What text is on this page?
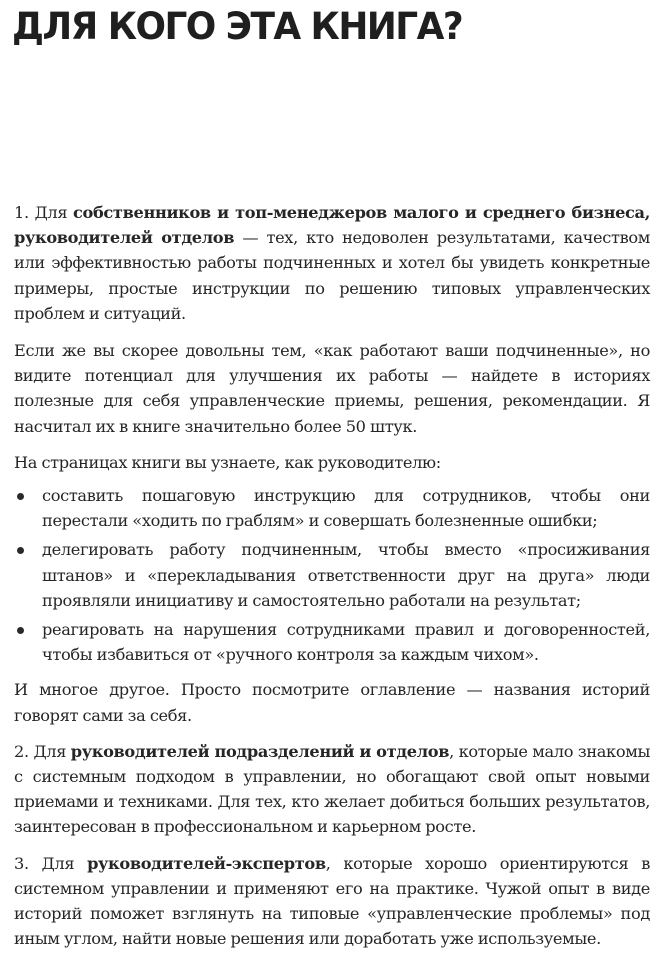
ДЛЯ КОГО ЭТА КНИГА?

1. Для собственников и топ-менеджеров малого и среднего бизнеса, руководителей отделов — тех, кто недоволен результатами, качеством или эффективностью работы подчиненных и хотел бы увидеть конкретные примеры, простые инструкции по решению типовых управленческих проблем и ситуаций.

Если же вы скорее довольны тем, «как работают ваши подчиненные», но видите потенциал для улучшения их работы — найдете в историях полезные для себя управленческие приемы, решения, рекомендации. Я насчитал их в книге значительно более 50 штук.

На страницах книги вы узнаете, как руководителю:

составить пошаговую инструкцию для сотрудников, чтобы они перестали «ходить по граблям» и совершать болезненные ошибки;
делегировать работу подчиненным, чтобы вместо «просиживания штанов» и «перекладывания ответственности друг на друга» люди проявляли инициативу и самостоятельно работали на результат;
реагировать на нарушения сотрудниками правил и договоренностей, чтобы избавиться от «ручного контроля за каждым чихом».

И многое другое. Просто посмотрите оглавление — названия историй говорят сами за себя.

2. Для руководителей подразделений и отделов, которые мало знакомы с системным подходом в управлении, но обогащают свой опыт новыми приемами и техниками. Для тех, кто желает добиться больших результатов, заинтересован в профессиональном и карьерном росте.

3. Для руководителей-экспертов, которые хорошо ориентируются в системном управлении и применяют его на практике. Чужой опыт в виде историй поможет взглянуть на типовые «управленческие проблемы» под иным углом, найти новые решения или доработать уже используемые.
